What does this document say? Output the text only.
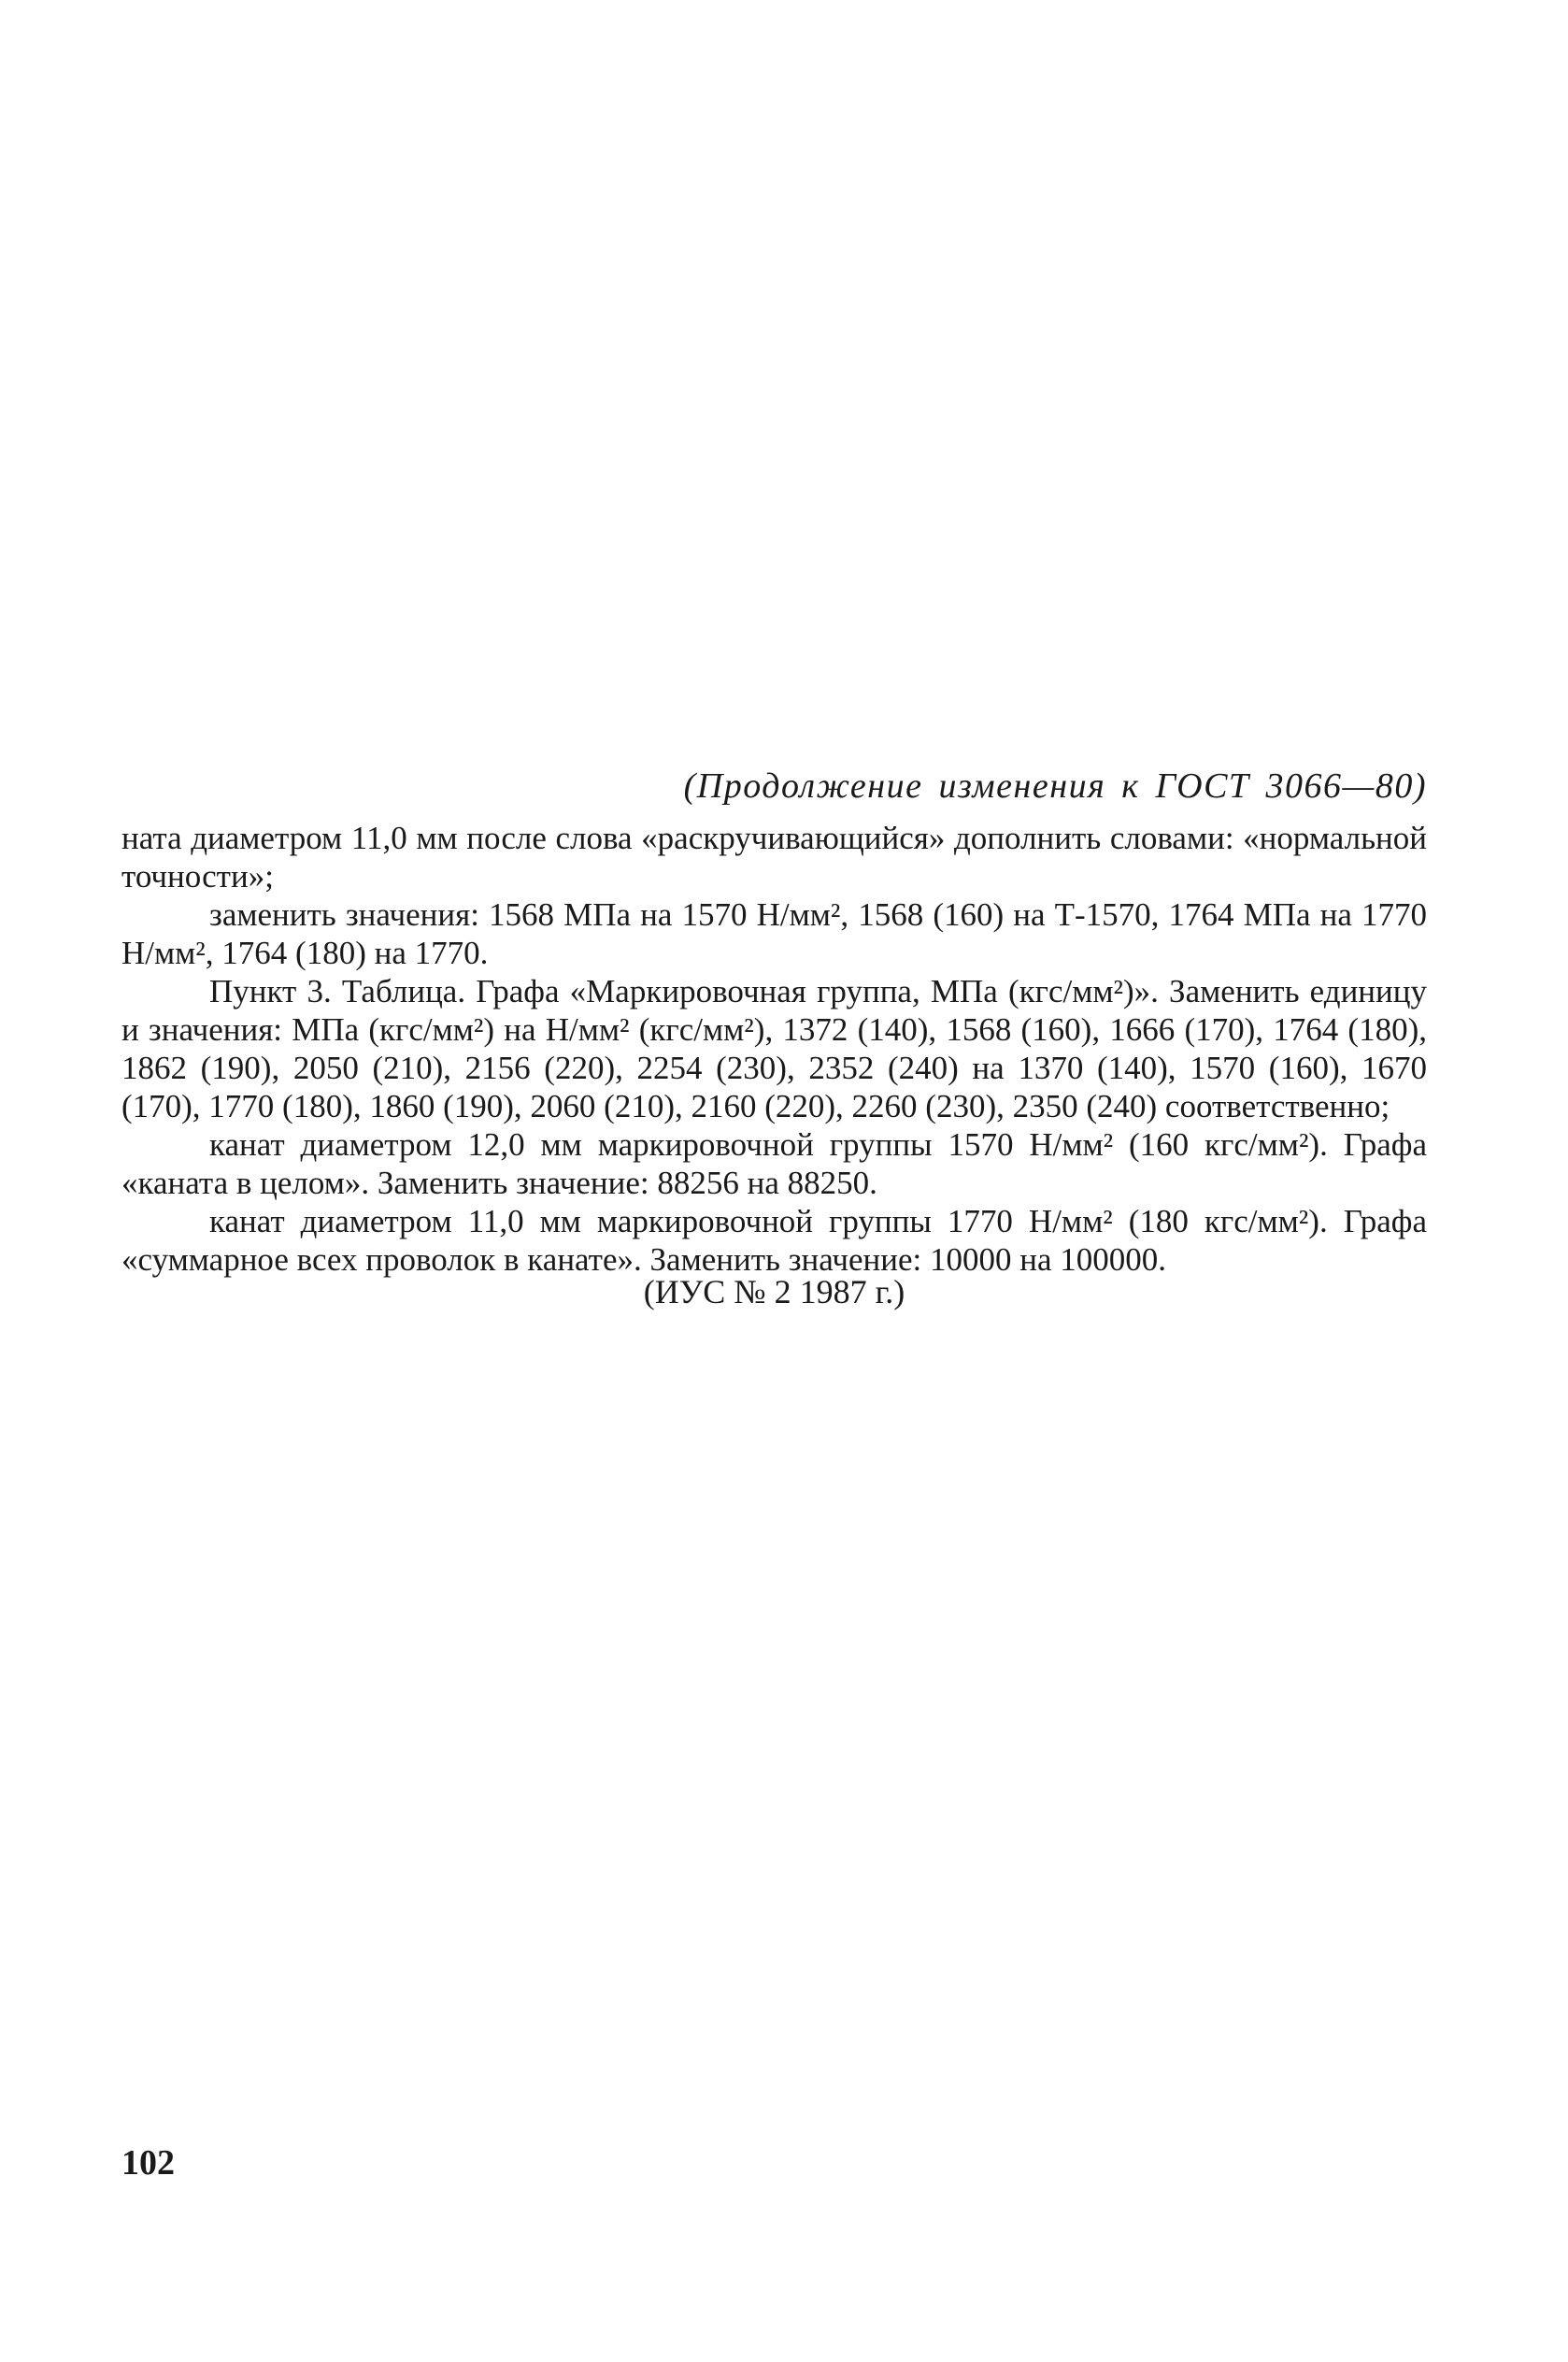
(Продолжение изменения к ГОСТ 3066—80)

ната диаметром 11,0 мм после слова «раскручивающийся» дополнить словами: «нормальной точности»;

заменить значения: 1568 МПа на 1570 Н/мм², 1568 (160) на Т-1570, 1764 МПа на 1770 Н/мм², 1764 (180) на 1770.

Пункт 3. Таблица. Графа «Маркировочная группа, МПа (кгс/мм²)». Заменить единицу и значения: МПа (кгс/мм²) на Н/мм² (кгс/мм²), 1372 (140), 1568 (160), 1666 (170), 1764 (180), 1862 (190), 2050 (210), 2156 (220), 2254 (230), 2352 (240) на 1370 (140), 1570 (160), 1670 (170), 1770 (180), 1860 (190), 2060 (210), 2160 (220), 2260 (230), 2350 (240) соответственно;

канат диаметром 12,0 мм маркировочной группы 1570 Н/мм² (160 кгс/мм²). Графа «каната в целом». Заменить значение: 88256 на 88250.

канат диаметром 11,0 мм маркировочной группы 1770 Н/мм² (180 кгс/мм²). Графа «суммарное всех проволок в канате». Заменить значение: 10000 на 100000.

(ИУС № 2 1987 г.)
102
